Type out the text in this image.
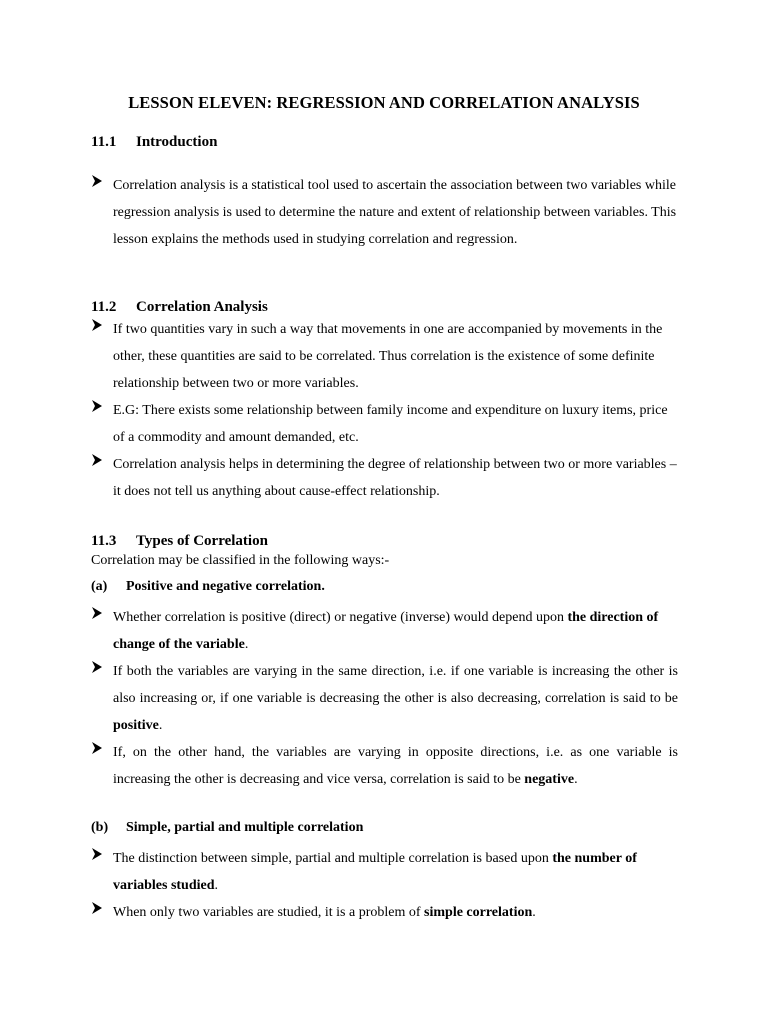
LESSON ELEVEN: REGRESSION AND CORRELATION ANALYSIS
11.1 Introduction
Correlation analysis is a statistical tool used to ascertain the association between two variables while regression analysis is used to determine the nature and extent of relationship between variables. This lesson explains the methods used in studying correlation and regression.
11.2 Correlation Analysis
If two quantities vary in such a way that movements in one are accompanied by movements in the other, these quantities are said to be correlated. Thus correlation is the existence of some definite relationship between two or more variables.
E.G: There exists some relationship between family income and expenditure on luxury items, price of a commodity and amount demanded, etc.
Correlation analysis helps in determining the degree of relationship between two or more variables – it does not tell us anything about cause-effect relationship.
11.3 Types of Correlation
Correlation may be classified in the following ways:-
(a) Positive and negative correlation.
Whether correlation is positive (direct) or negative (inverse) would depend upon the direction of change of the variable.
If both the variables are varying in the same direction, i.e. if one variable is increasing the other is also increasing or, if one variable is decreasing the other is also decreasing, correlation is said to be positive.
If, on the other hand, the variables are varying in opposite directions, i.e. as one variable is increasing the other is decreasing and vice versa, correlation is said to be negative.
(b) Simple, partial and multiple correlation
The distinction between simple, partial and multiple correlation is based upon the number of variables studied.
When only two variables are studied, it is a problem of simple correlation.
